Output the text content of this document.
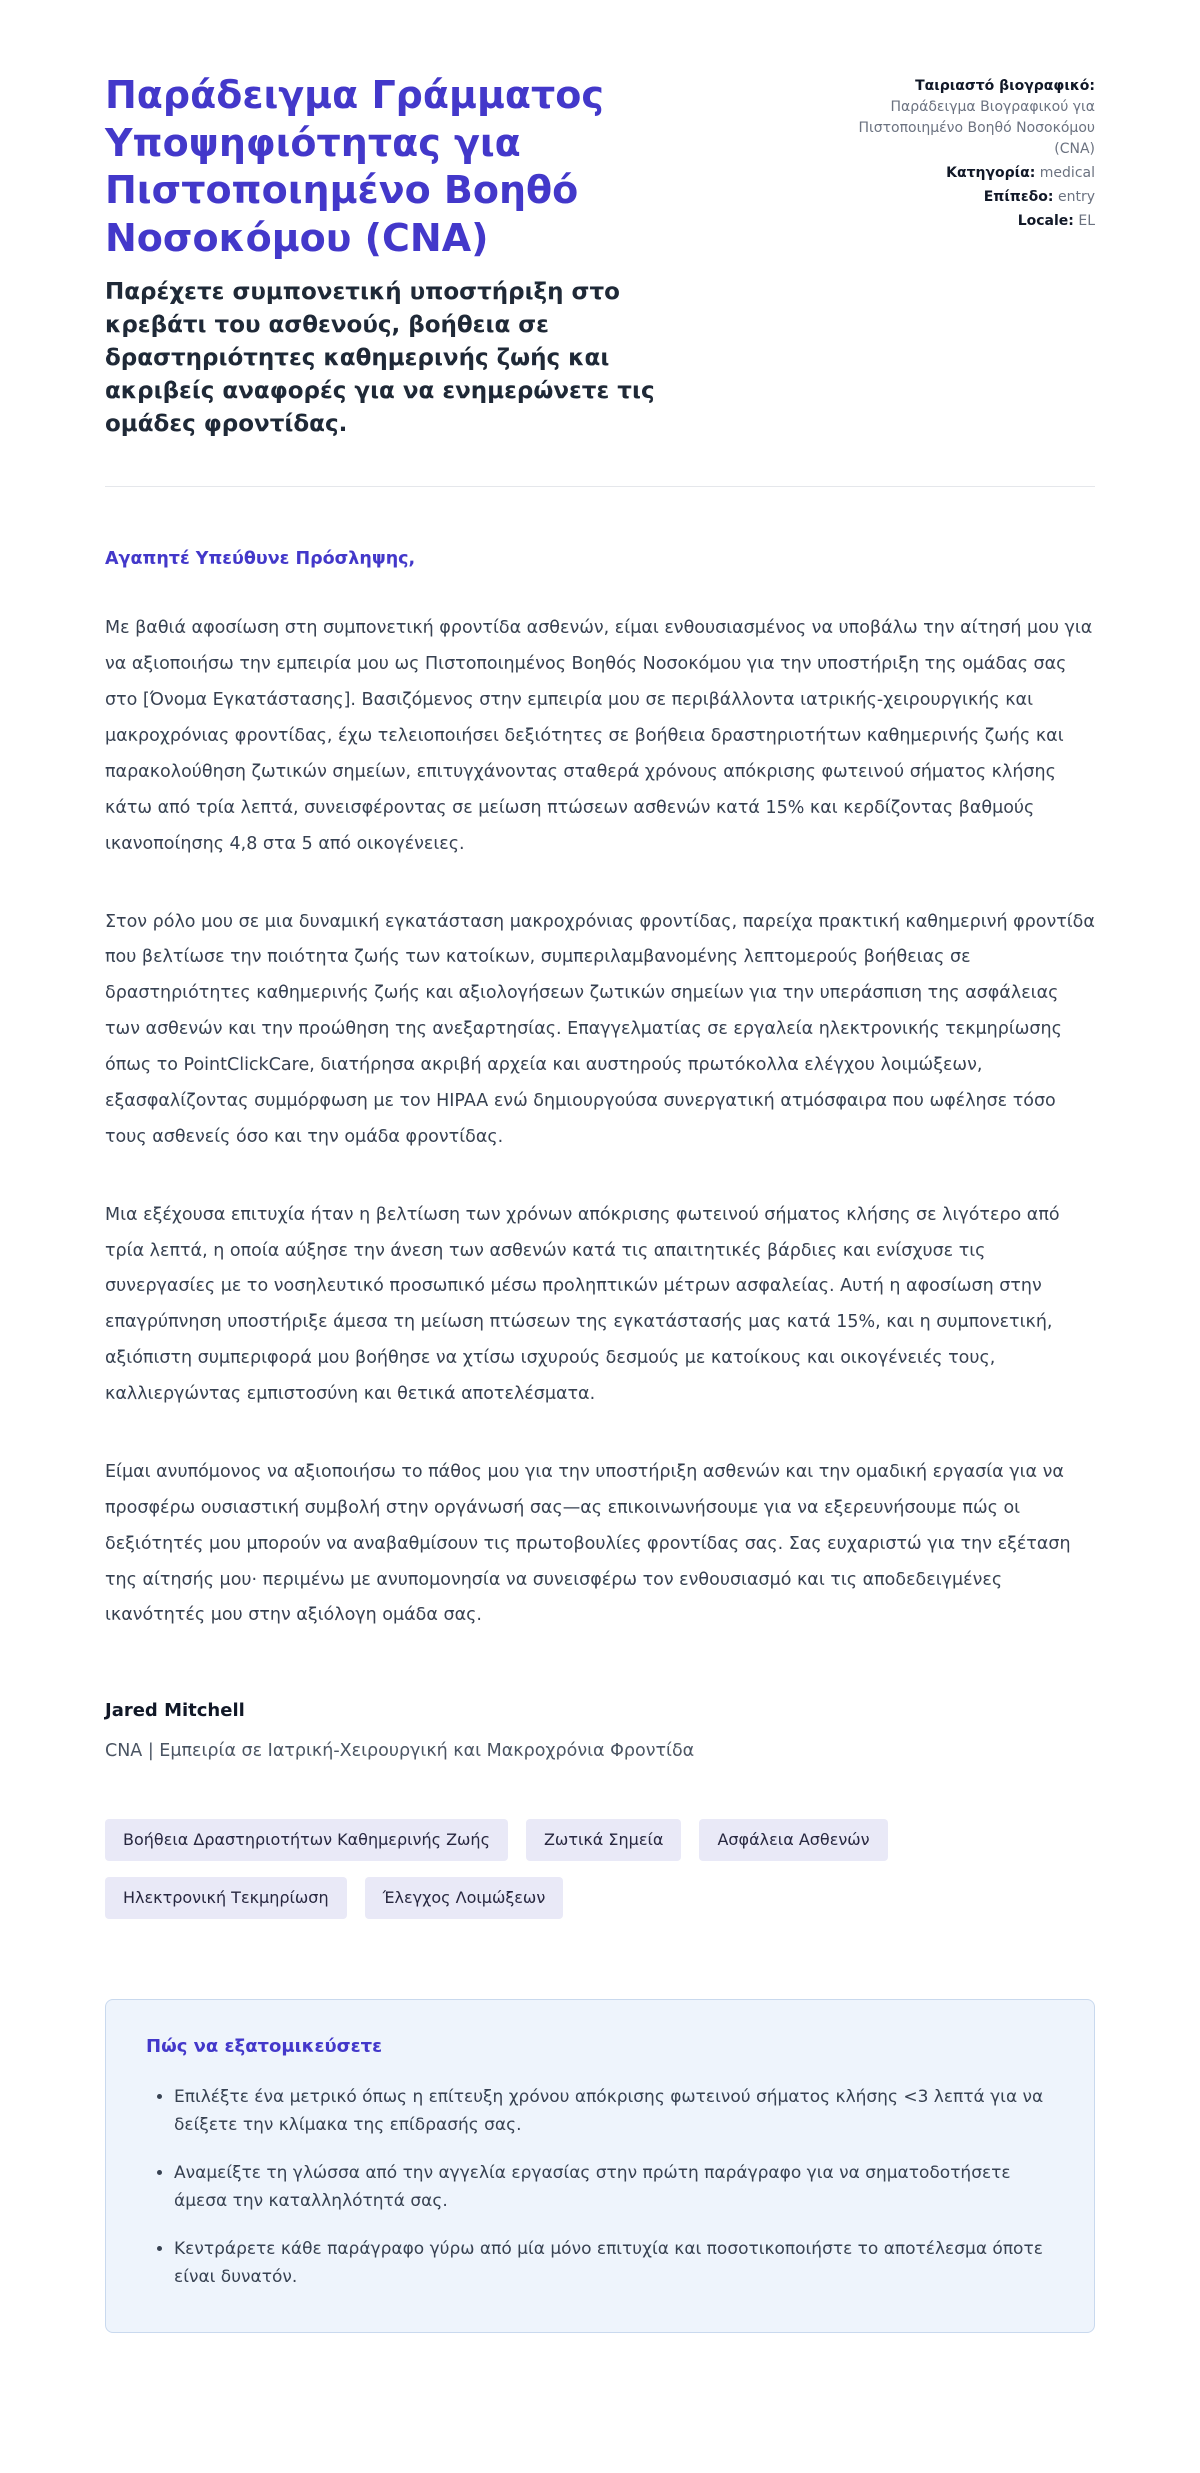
Παράδειγμα Γράμματος Υποψηφιότητας για Πιστοποιημένο Βοηθό Νοσοκόμου (CNA)

Παρέχετε συμπονετική υποστήριξη στο κρεβάτι του ασθενούς, βοήθεια σε δραστηριότητες καθημερινής ζωής και ακριβείς αναφορές για να ενημερώνετε τις ομάδες φροντίδας.

Ταιριαστό βιογραφικό:
Παράδειγμα Βιογραφικού για Πιστοποιημένο Βοηθό Νοσοκόμου (CNA)
Κατηγορία: medical
Επίπεδο: entry
Locale: EL

Αγαπητέ Υπεύθυνε Πρόσληψης,

Με βαθιά αφοσίωση στη συμπονετική φροντίδα ασθενών, είμαι ενθουσιασμένος να υποβάλω την αίτησή μου για να αξιοποιήσω την εμπειρία μου ως Πιστοποιημένος Βοηθός Νοσοκόμου για την υποστήριξη της ομάδας σας στο [Όνομα Εγκατάστασης]. Βασιζόμενος στην εμπειρία μου σε περιβάλλοντα ιατρικής-χειρουργικής και μακροχρόνιας φροντίδας, έχω τελειοποιήσει δεξιότητες σε βοήθεια δραστηριοτήτων καθημερινής ζωής και παρακολούθηση ζωτικών σημείων, επιτυγχάνοντας σταθερά χρόνους απόκρισης φωτεινού σήματος κλήσης κάτω από τρία λεπτά, συνεισφέροντας σε μείωση πτώσεων ασθενών κατά 15% και κερδίζοντας βαθμούς ικανοποίησης 4,8 στα 5 από οικογένειες.

Στον ρόλο μου σε μια δυναμική εγκατάσταση μακροχρόνιας φροντίδας, παρείχα πρακτική καθημερινή φροντίδα που βελτίωσε την ποιότητα ζωής των κατοίκων, συμπεριλαμβανομένης λεπτομερούς βοήθειας σε δραστηριότητες καθημερινής ζωής και αξιολογήσεων ζωτικών σημείων για την υπεράσπιση της ασφάλειας των ασθενών και την προώθηση της ανεξαρτησίας. Επαγγελματίας σε εργαλεία ηλεκτρονικής τεκμηρίωσης όπως το PointClickCare, διατήρησα ακριβή αρχεία και αυστηρούς πρωτόκολλα ελέγχου λοιμώξεων, εξασφαλίζοντας συμμόρφωση με τον HIPAA ενώ δημιουργούσα συνεργατική ατμόσφαιρα που ωφέλησε τόσο τους ασθενείς όσο και την ομάδα φροντίδας.

Μια εξέχουσα επιτυχία ήταν η βελτίωση των χρόνων απόκρισης φωτεινού σήματος κλήσης σε λιγότερο από τρία λεπτά, η οποία αύξησε την άνεση των ασθενών κατά τις απαιτητικές βάρδιες και ενίσχυσε τις συνεργασίες με το νοσηλευτικό προσωπικό μέσω προληπτικών μέτρων ασφαλείας. Αυτή η αφοσίωση στην επαγρύπνηση υποστήριξε άμεσα τη μείωση πτώσεων της εγκατάστασής μας κατά 15%, και η συμπονετική, αξιόπιστη συμπεριφορά μου βοήθησε να χτίσω ισχυρούς δεσμούς με κατοίκους και οικογένειές τους, καλλιεργώντας εμπιστοσύνη και θετικά αποτελέσματα.

Είμαι ανυπόμονος να αξιοποιήσω το πάθος μου για την υποστήριξη ασθενών και την ομαδική εργασία για να προσφέρω ουσιαστική συμβολή στην οργάνωσή σας—ας επικοινωνήσουμε για να εξερευνήσουμε πώς οι δεξιότητές μου μπορούν να αναβαθμίσουν τις πρωτοβουλίες φροντίδας σας. Σας ευχαριστώ για την εξέταση της αίτησής μου· περιμένω με ανυπομονησία να συνεισφέρω τον ενθουσιασμό και τις αποδεδειγμένες ικανότητές μου στην αξιόλογη ομάδα σας.

Jared Mitchell
CNA | Εμπειρία σε Ιατρική-Χειρουργική και Μακροχρόνια Φροντίδα
Βοήθεια Δραστηριοτήτων Καθημερινής Ζωής	Ζωτικά Σημεία	Ασφάλεια Ασθενών
Ηλεκτρονική Τεκμηρίωση	Έλεγχος Λοιμώξεων
Πώς να εξατομικεύσετε
• Επιλέξτε ένα μετρικό όπως η επίτευξη χρόνου απόκρισης φωτεινού σήματος κλήσης <3 λεπτά για να δείξετε την κλίμακα της επίδρασής σας.
• Αναμείξτε τη γλώσσα από την αγγελία εργασίας στην πρώτη παράγραφο για να σηματοδοτήσετε άμεσα την καταλληλότητά σας.
• Κεντράρετε κάθε παράγραφο γύρω από μία μόνο επιτυχία και ποσοτικοποιήστε το αποτέλεσμα όποτε είναι δυνατόν.
